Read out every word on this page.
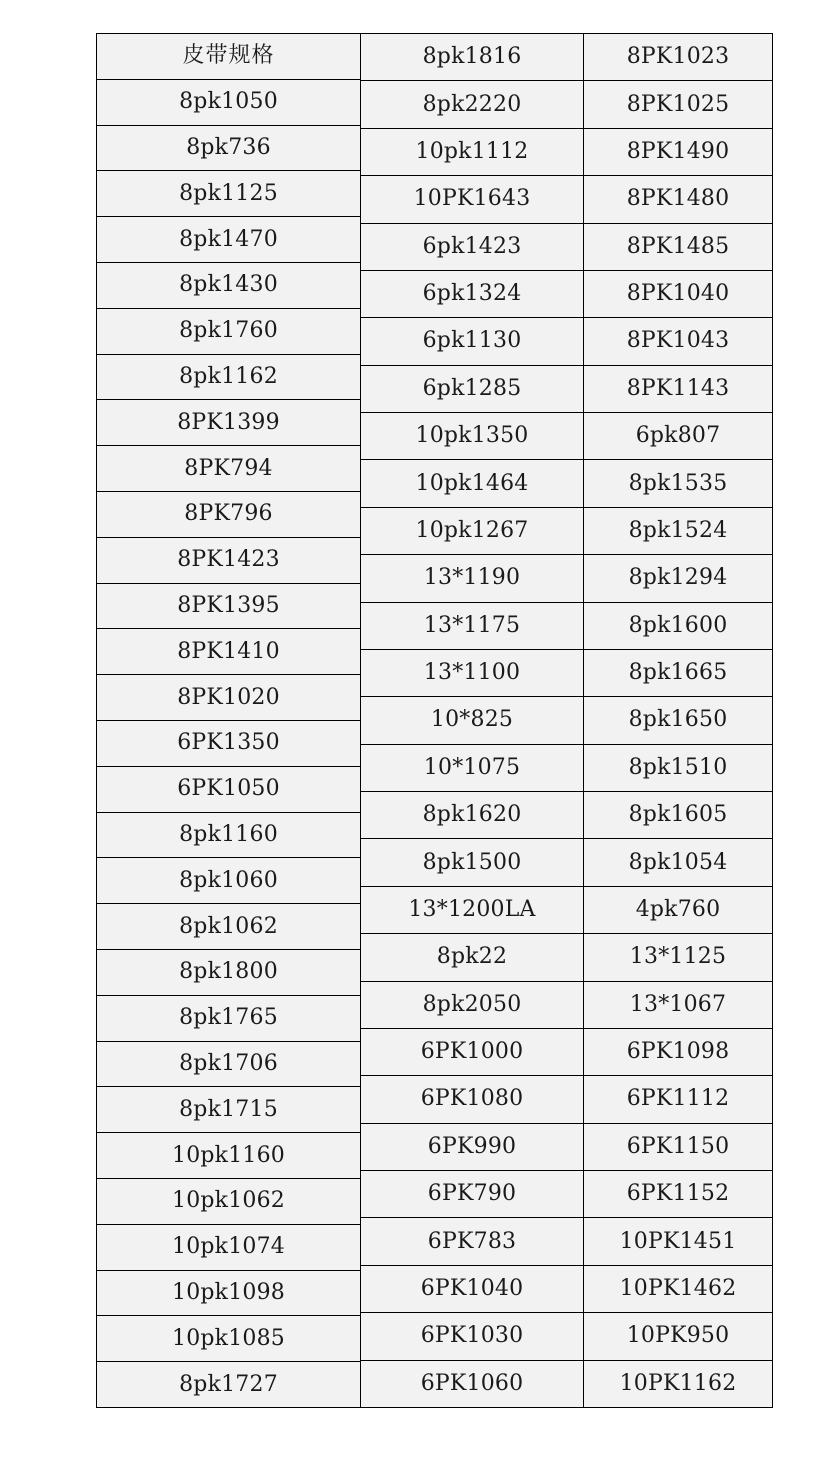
皮带规格
8pk1050
8pk736
8pk1125
8pk1470
8pk1430
8pk1760
8pk1162
8PK1399
8PK794
8PK796
8PK1423
8PK1395
8PK1410
8PK1020
6PK1350
6PK1050
8pk1160
8pk1060
8pk1062
8pk1800
8pk1765
8pk1706
8pk1715
10pk1160
10pk1062
10pk1074
10pk1098
10pk1085
8pk1727
8pk1816
8pk2220
10pk1112
10PK1643
6pk1423
6pk1324
6pk1130
6pk1285
10pk1350
10pk1464
10pk1267
13*1190
13*1175
13*1100
10*825
10*1075
8pk1620
8pk1500
13*1200LA
8pk22
8pk2050
6PK1000
6PK1080
6PK990
6PK790
6PK783
6PK1040
6PK1030
6PK1060
8PK1023
8PK1025
8PK1490
8PK1480
8PK1485
8PK1040
8PK1043
8PK1143
6pk807
8pk1535
8pk1524
8pk1294
8pk1600
8pk1665
8pk1650
8pk1510
8pk1605
8pk1054
4pk760
13*1125
13*1067
6PK1098
6PK1112
6PK1150
6PK1152
10PK1451
10PK1462
10PK950
10PK1162
